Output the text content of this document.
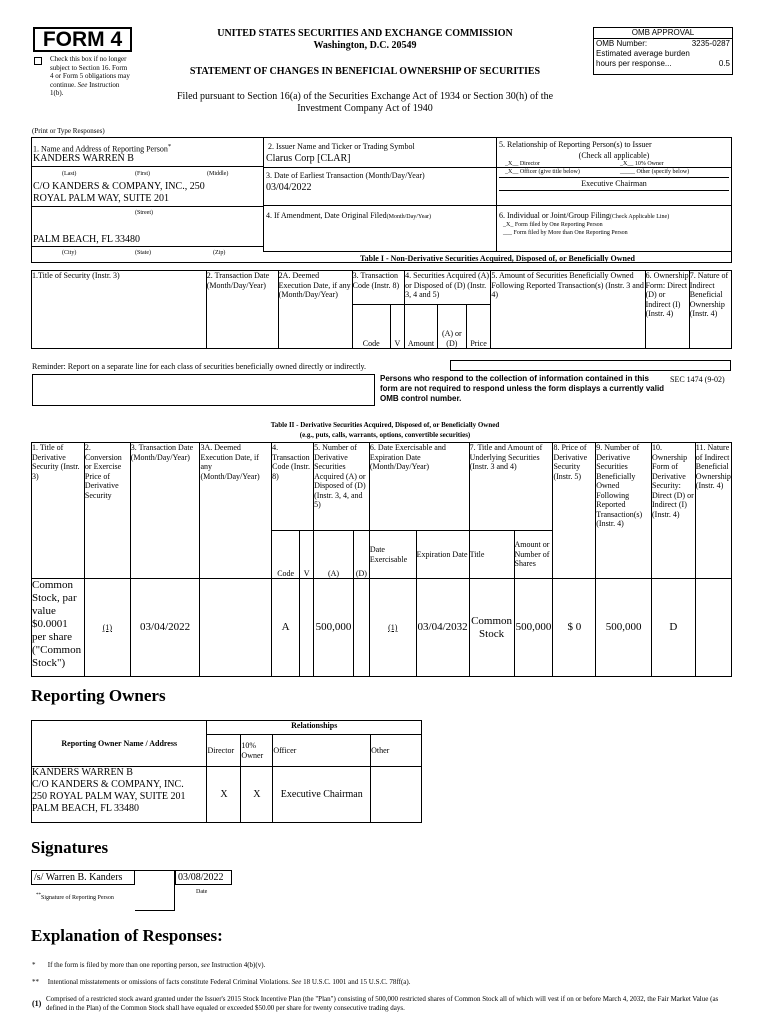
FORM 4
Check this box if no longer subject to Section 16. Form 4 or Form 5 obligations may continue. See Instruction 1(b).
UNITED STATES SECURITIES AND EXCHANGE COMMISSION
Washington, D.C. 20549
STATEMENT OF CHANGES IN BENEFICIAL OWNERSHIP OF SECURITIES
Filed pursuant to Section 16(a) of the Securities Exchange Act of 1934 or Section 30(h) of the
Investment Company Act of 1940
OMB APPROVAL
OMB Number:	3235-0287
Estimated average burden
hours per response...	0.5
(Print or Type Responses)
1. Name and Address of Reporting Person*
KANDERS WARREN B
(Last)	(First)	(Middle)
C/O KANDERS & COMPANY, INC., 250
ROYAL PALM WAY, SUITE 201
(Street)
PALM BEACH, FL 33480
(City)	(State)	(Zip)
2. Issuer Name and Ticker or Trading Symbol
Clarus Corp [CLAR]
3. Date of Earliest Transaction (Month/Day/Year)
03/04/2022
4. If Amendment, Date Original Filed(Month/Day/Year)
5. Relationship of Reporting Person(s) to Issuer
(Check all applicable)
_X__ Director	_X__ 10% Owner
_X__ Officer (give title below)	_____ Other (specify below)
Executive Chairman
6. Individual or Joint/Group Filing(Check Applicable Line)
_X_ Form filed by One Reporting Person
___ Form filed by More than One Reporting Person
Table I - Non-Derivative Securities Acquired, Disposed of, or Beneficially Owned
1.Title of Security (Instr. 3)	2. Transaction Date (Month/Day/Year)	2A. Deemed Execution Date, if any (Month/Day/Year)	3. Transaction Code (Instr. 8)		4. Securities Acquired (A) or Disposed of (D) (Instr. 3, 4 and 5)			5. Amount of Securities Beneficially Owned Following Reported Transaction(s) (Instr. 3 and 4)	6. Ownership Form: Direct (D) or Indirect (I) (Instr. 4)	7. Nature of Indirect Beneficial Ownership (Instr. 4)
			Code	V	Amount	(A) or (D)	Price			
Reminder: Report on a separate line for each class of securities beneficially owned directly or indirectly.
Persons who respond to the collection of information contained in this form are not required to respond unless the form displays a currently valid OMB control number.
SEC 1474 (9-02)
Table II - Derivative Securities Acquired, Disposed of, or Beneficially Owned
(e.g., puts, calls, warrants, options, convertible securities)
1. Title of Derivative Security (Instr. 3)	2. Conversion or Exercise Price of Derivative Security	3. Transaction Date (Month/Day/Year)	3A. Deemed Execution Date, if any (Month/Day/Year)	4. Transaction Code (Instr. 8)		5. Number of Derivative Securities Acquired (A) or Disposed of (D) (Instr. 3, 4, and 5)		6. Date Exercisable and Expiration Date (Month/Day/Year)		7. Title and Amount of Underlying Securities (Instr. 3 and 4)		8. Price of Derivative Security (Instr. 5)	9. Number of Derivative Securities Beneficially Owned Following Reported Transaction(s) (Instr. 4)	10. Ownership Form of Derivative Security: Direct (D) or Indirect (I) (Instr. 4)	11. Nature of Indirect Beneficial Ownership (Instr. 4)
				Code	V	(A)	(D)	Date Exercisable	Expiration Date	Title	Amount or Number of Shares				
Common Stock, par value $0.0001 per share ("Common Stock")	(1)	03/04/2022		A		500,000		(1)	03/04/2032	Common Stock	500,000	$ 0	500,000	D	
Reporting Owners
Reporting Owner Name / Address	Relationships			
	Director	10% Owner	Officer	Other

KANDERS WARREN B
C/O KANDERS & COMPANY, INC.
250 ROYAL PALM WAY, SUITE 201
PALM BEACH, FL 33480	X	X	Executive Chairman	
Signatures
/s/ Warren B. Kanders
**Signature of Reporting Person
03/08/2022
Date
Explanation of Responses:
* If the form is filed by more than one reporting person, see Instruction 4(b)(v).
** Intentional misstatements or omissions of facts constitute Federal Criminal Violations. See 18 U.S.C. 1001 and 15 U.S.C. 78ff(a).
(1) Comprised of a restricted stock award granted under the Issuer's 2015 Stock Incentive Plan (the "Plan") consisting of 500,000 restricted shares of Common Stock all of which will vest if on or before March 4, 2032, the Fair Market Value (as defined in the Plan) of the Common Stock shall have equaled or exceeded $50.00 per share for twenty consecutive trading days.
